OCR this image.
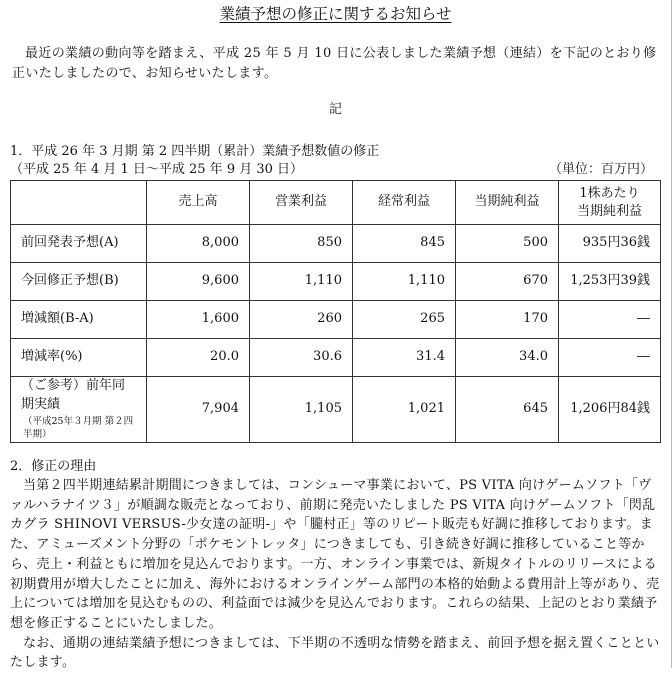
業績予想の修正に関するお知らせ
最近の業績の動向等を踏まえ、平成 25 年 5 月 10 日に公表しました業績予想（連結）を下記のとおり修正いたしましたので、お知らせいたします。
記
1．平成 26 年 3 月期 第 2 四半期（累計）業績予想数値の修正
（平成 25 年 4 月 1 日～平成 25 年 9 月 30 日）	（単位：百万円）
	売上高	営業利益	経常利益	当期純利益	1株あたり
当期純利益

前回発表予想(A)	8,000	850	845	500	935円36銭
今回修正予想(B)	9,600	1,110	1,110	670	1,253円39銭
増減額(B-A)	1,600	260	265	170	―
増減率(%)	20.0	30.6	31.4	34.0	―

（ご参考）前年同期実績
（平成25年３月期 第２四半期）	7,904	1,105	1,021	645	1,206円84銭
2．修正の理由

当第２四半期連結累計期間につきましては、コンシューマ事業において、PS VITA 向けゲームソフト「ヴァルハラナイツ３」が順調な販売となっており、前期に発売いたしました PS VITA 向けゲームソフト「閃乱カグラ SHINOVI VERSUS-少女達の証明-」や「朧村正」等のリピート販売も好調に推移しております。また、アミューズメント分野の「ポケモントレッタ」につきましても、引き続き好調に推移していること等から、売上・利益ともに増加を見込んでおります。一方、オンライン事業では、新規タイトルのリリースによる初期費用が増大したことに加え、海外におけるオンラインゲーム部門の本格的始動よる費用計上等があり、売上については増加を見込むものの、利益面では減少を見込んでおります。これらの結果、上記のとおり業績予想を修正することにいたしました。

なお、通期の連結業績予想につきましては、下半期の不透明な情勢を踏まえ、前回予想を据え置くことといたします。
